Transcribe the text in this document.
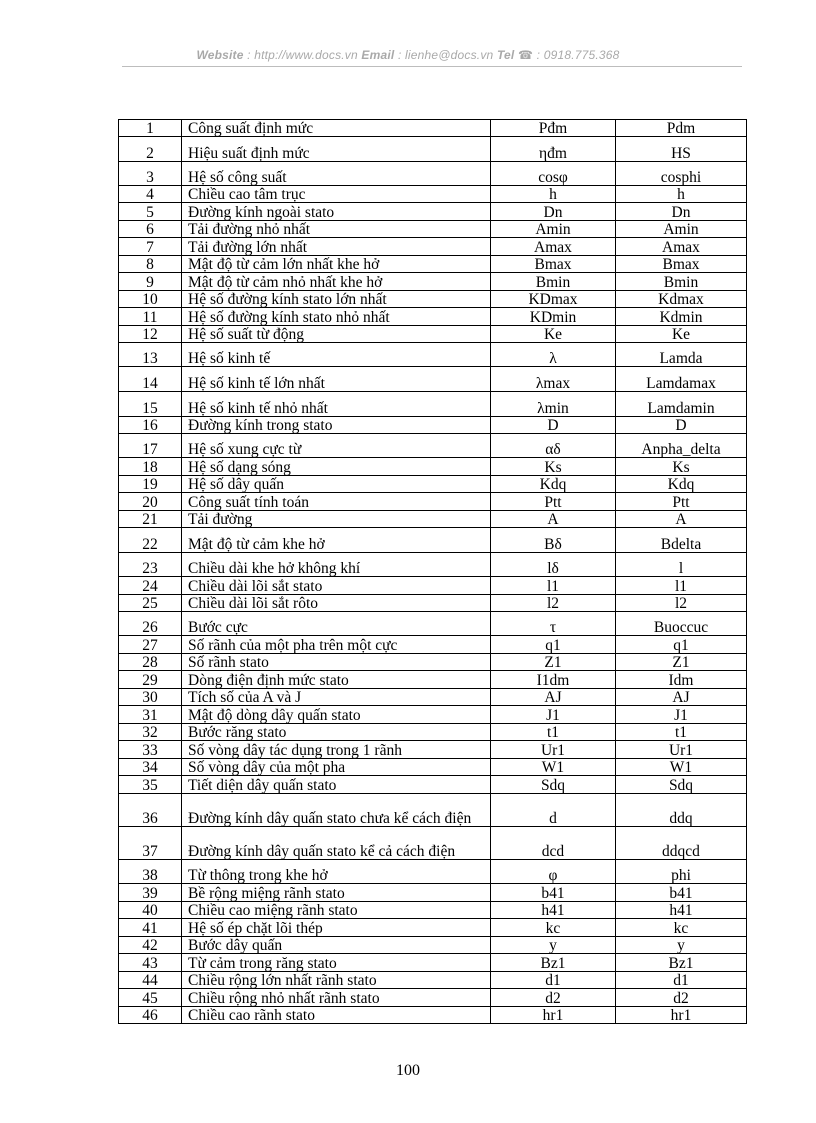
Website : http://www.docs.vn Email : lienhe@docs.vn Tel ☎ : 0918.775.368
1	Công suất định mức	Pđm	Pdm
2	Hiệu suất định mức	ηđm	HS
3	Hệ số công suất	cosφ	cosphi
4	Chiều cao tâm trục	h	h
5	Đường kính ngoài stato	Dn	Dn
6	Tải đường nhỏ nhất	Amin	Amin
7	Tải đường lớn nhất	Amax	Amax
8	Mật độ từ cảm lớn nhất khe hở	Bmax	Bmax
9	Mật độ từ cảm nhỏ nhất khe hở	Bmin	Bmin
10	Hệ số đường kính stato lớn nhất	KDmax	Kdmax
11	Hệ số đường kính stato nhỏ nhất	KDmin	Kdmin
12	Hệ số suất từ động	Ke	Ke
13	Hệ số kinh tế	λ	Lamda
14	Hệ số kinh tế lớn nhất	λmax	Lamdamax
15	Hệ số kinh tế nhỏ nhất	λmin	Lamdamin
16	Đường kính trong stato	D	D
17	Hệ số xung cực từ	αδ	Anpha_delta
18	Hệ số dạng sóng	Ks	Ks
19	Hệ số dây quấn	Kdq	Kdq
20	Công suất tính toán	Ptt	Ptt
21	Tải đường	A	A
22	Mật độ từ cảm khe hở	Bδ	Bdelta
23	Chiều dài khe hở không khí	lδ	l
24	Chiều dài lõi sắt stato	l1	l1
25	Chiều dài lõi sắt rôto	l2	l2
26	Bước cực	τ	Buoccuc
27	Số rãnh của một pha trên một cực	q1	q1
28	Số rãnh stato	Z1	Z1
29	Dòng điện định mức stato	I1dm	Idm
30	Tích số của A và J	AJ	AJ
31	Mật độ dòng dây quấn stato	J1	J1
32	Bước răng stato	t1	t1
33	Số vòng dây tác dụng trong 1 rãnh	Ur1	Ur1
34	Số vòng dây của một pha	W1	W1
35	Tiết diện dây quấn stato	Sdq	Sdq
36	Đường kính dây quấn stato chưa kể cách điện	d	ddq
37	Đường kính dây quấn stato kể cả cách điện	dcd	ddqcd
38	Từ thông trong khe hở	φ	phi
39	Bề rộng miệng rãnh stato	b41	b41
40	Chiều cao miệng rãnh stato	h41	h41
41	Hệ số ép chặt lõi thép	kc	kc
42	Bước dây quấn	y	y
43	Từ cảm trong răng stato	Bz1	Bz1
44	Chiều rộng lớn nhất rãnh stato	d1	d1
45	Chiều rộng nhỏ nhất rãnh stato	d2	d2
46	Chiều cao rãnh stato	hr1	hr1
100
